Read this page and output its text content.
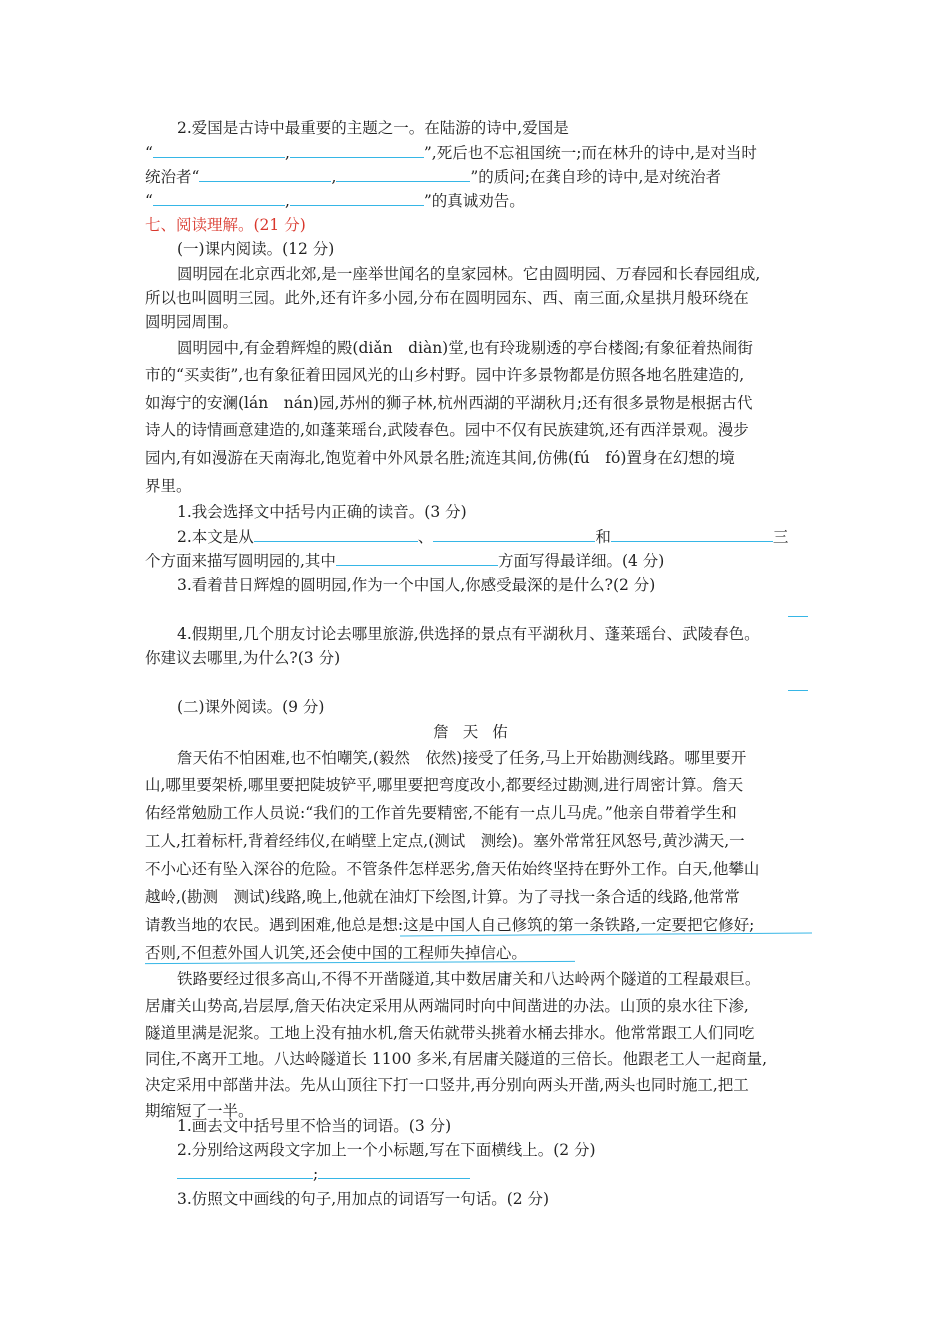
2.爱国是古诗中最重要的主题之一。在陆游的诗中,爱国是
“	,	”,死后也不忘祖国统一;而在林升的诗中,是对当时
统治者“	,	”的质问;在龚自珍的诗中,是对统治者
“	,	”的真诚劝告。
七、阅读理解。(21 分)
(一)课内阅读。(12 分)
圆明园在北京西北郊,是一座举世闻名的皇家园林。它由圆明园、万春园和长春园组成,
所以也叫圆明三园。此外,还有许多小园,分布在圆明园东、西、南三面,众星拱月般环绕在
圆明园周围。
圆明园中,有金碧辉煌的殿(diǎn　diàn)堂,也有玲珑剔透的亭台楼阁;有象征着热闹街
市的“买卖街”,也有象征着田园风光的山乡村野。园中许多景物都是仿照各地名胜建造的,
如海宁的安澜(lán　nán)园,苏州的狮子林,杭州西湖的平湖秋月;还有很多景物是根据古代
诗人的诗情画意建造的,如蓬莱瑶台,武陵春色。园中不仅有民族建筑,还有西洋景观。漫步
园内,有如漫游在天南海北,饱览着中外风景名胜;流连其间,仿佛(fú　fó)置身在幻想的境
界里。
1.我会选择文中括号内正确的读音。(3 分)
2.本文是从	、	和	三
个方面来描写圆明园的,其中	方面写得最详细。(4 分)
3.看着昔日辉煌的圆明园,作为一个中国人,你感受最深的是什么?(2 分)
4.假期里,几个朋友讨论去哪里旅游,供选择的景点有平湖秋月、蓬莱瑶台、武陵春色。
你建议去哪里,为什么?(3 分)
(二)课外阅读。(9 分)
詹天佑
詹天佑不怕困难,也不怕嘲笑,(毅然　依然)接受了任务,马上开始勘测线路。哪里要开
山,哪里要架桥,哪里要把陡坡铲平,哪里要把弯度改小,都要经过勘测,进行周密计算。詹天
佑经常勉励工作人员说:“我们的工作首先要精密,不能有一点儿马虎。”他亲自带着学生和
工人,扛着标杆,背着经纬仪,在峭壁上定点,(测试　测绘)。塞外常常狂风怒号,黄沙满天,一
不小心还有坠入深谷的危险。不管条件怎样恶劣,詹天佑始终坚持在野外工作。白天,他攀山
越岭,(勘测　测试)线路,晚上,他就在油灯下绘图,计算。为了寻找一条合适的线路,他常常
请教当地的农民。遇到困难,他总是想:这是中国人自己修筑的第一条铁路,一定要把它修好;
否则,不但惹外国人讥笑,还会使中国的工程师失掉信心。
铁路要经过很多高山,不得不开凿隧道,其中数居庸关和八达岭两个隧道的工程最艰巨。
居庸关山势高,岩层厚,詹天佑决定采用从两端同时向中间凿进的办法。山顶的泉水往下渗,
隧道里满是泥浆。工地上没有抽水机,詹天佑就带头挑着水桶去排水。他常常跟工人们同吃
同住,不离开工地。八达岭隧道长 1100 多米,有居庸关隧道的三倍长。他跟老工人一起商量,
决定采用中部凿井法。先从山顶往下打一口竖井,再分别向两头开凿,两头也同时施工,把工
期缩短了一半。
1.画去文中括号里不恰当的词语。(3 分)
2.分别给这两段文字加上一个小标题,写在下面横线上。(2 分)
;
3.仿照文中画线的句子,用加点的词语写一句话。(2 分)
